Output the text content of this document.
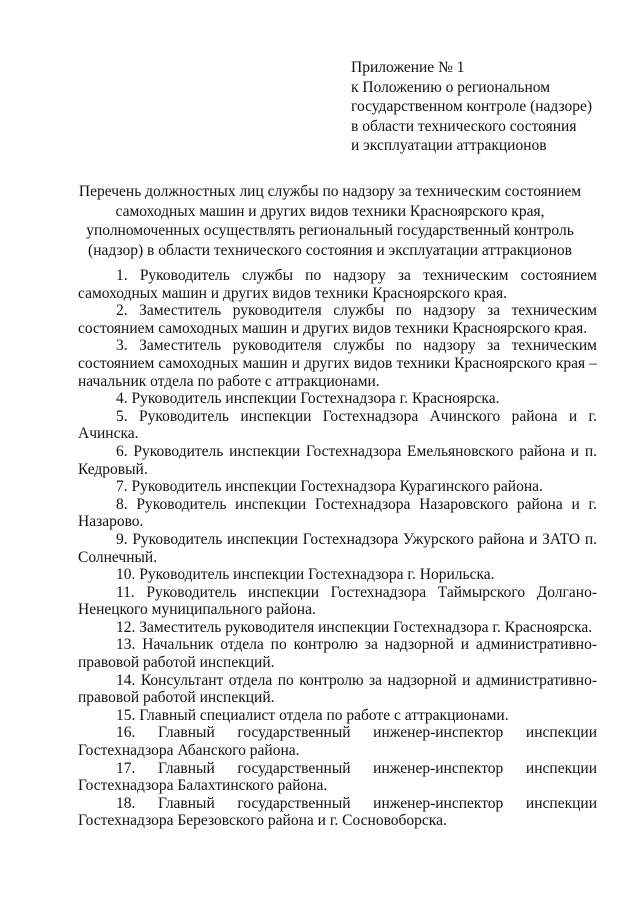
Приложение № 1
к Положению о региональном
государственном контроле (надзоре)
в области технического состояния
и эксплуатации аттракционов
Перечень должностных лиц службы по надзору за техническим состоянием
самоходных машин и других видов техники Красноярского края,
уполномоченных осуществлять региональный государственный контроль
(надзор) в области технического состояния и эксплуатации аттракционов

1. Руководитель службы по надзору за техническим состоянием самоходных машин и других видов техники Красноярского края.

2. Заместитель руководителя службы по надзору за техническим состоянием самоходных машин и других видов техники Красноярского края.

3. Заместитель руководителя службы по надзору за техническим состоянием самоходных машин и других видов техники Красноярского края – начальник отдела по работе с аттракционами.

4. Руководитель инспекции Гостехнадзора г. Красноярска.

5. Руководитель инспекции Гостехнадзора Ачинского района и г. Ачинска.

6. Руководитель инспекции Гостехнадзора Емельяновского района и п. Кедровый.

7. Руководитель инспекции Гостехнадзора Курагинского района.

8. Руководитель инспекции Гостехнадзора Назаровского района и г. Назарово.

9. Руководитель инспекции Гостехнадзора Ужурского района и ЗАТО п. Солнечный.

10. Руководитель инспекции Гостехнадзора г. Норильска.

11. Руководитель инспекции Гостехнадзора Таймырского Долгано-Ненецкого муниципального района.

12. Заместитель руководителя инспекции Гостехнадзора г. Красноярска.

13. Начальник отдела по контролю за надзорной и административно-правовой работой инспекций.

14. Консультант отдела по контролю за надзорной и административно-правовой работой инспекций.

15. Главный специалист отдела по работе с аттракционами.

16. Главный государственный инженер-инспектор инспекции Гостехнадзора Абанского района.

17. Главный государственный инженер-инспектор инспекции Гостехнадзора Балахтинского района.

18. Главный государственный инженер-инспектор инспекции Гостехнадзора Березовского района и г. Сосновоборска.
